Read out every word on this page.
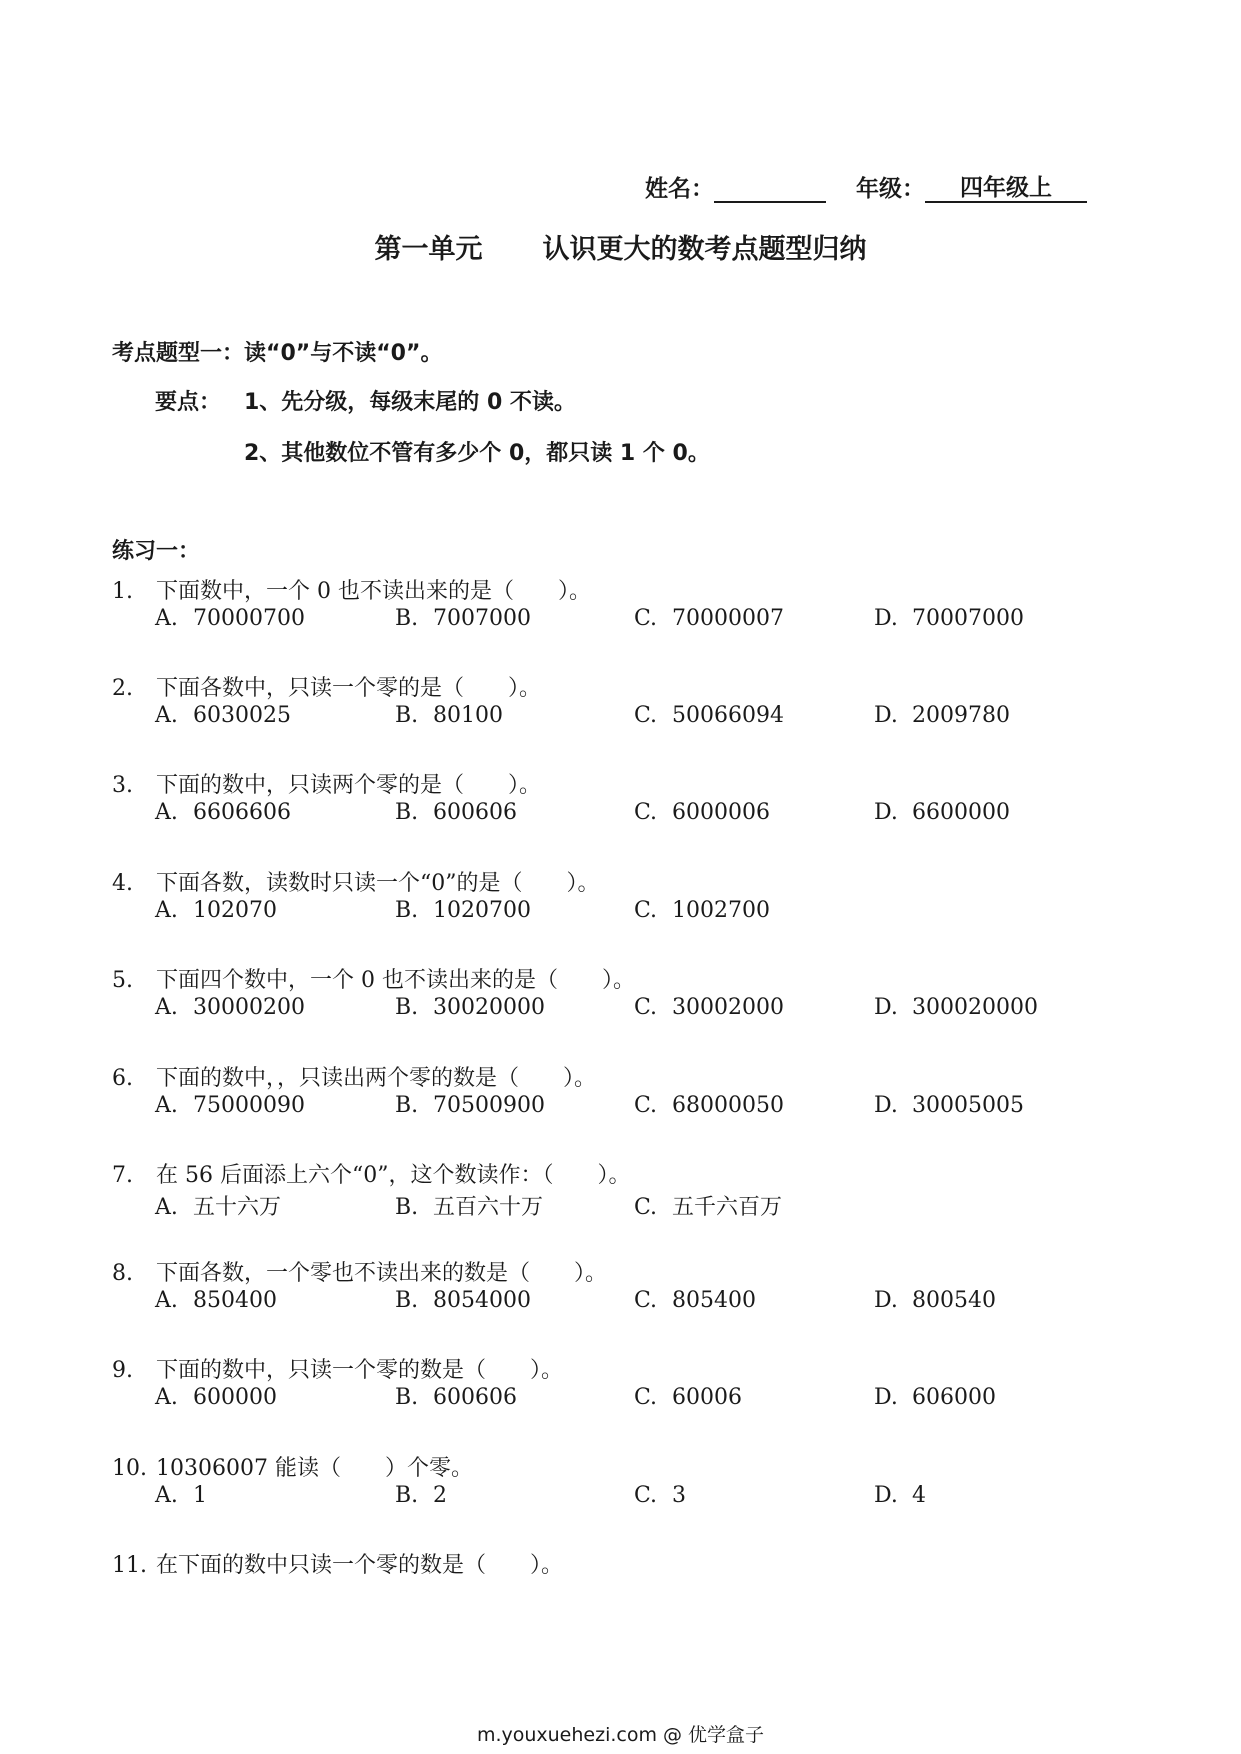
姓名：	年级： 四年级上
第一单元 认识更大的数考点题型归纳
考点题型一：读“0”与不读“0”。
要点： 1、先分级，每级末尾的 0 不读。
2、其他数位不管有多少个 0，都只读 1 个 0。
练习一：
1. 下面数中，一个 0 也不读出来的是（　　）。
A. 70000700	B. 7007000	C. 70000007	D. 70007000
2. 下面各数中，只读一个零的是（　　）。
A. 6030025	B. 80100	C. 50066094	D. 2009780
3. 下面的数中，只读两个零的是（　　）。
A. 6606606	B. 600606	C. 6000006	D. 6600000
4. 下面各数，读数时只读一个“0”的是（　　）。
A. 102070	B. 1020700	C. 1002700
5. 下面四个数中，一个 0 也不读出来的是（　　）。
A. 30000200	B. 30020000	C. 30002000	D. 300020000
6. 下面的数中，，只读出两个零的数是（　　）。
A. 75000090	B. 70500900	C. 68000050	D. 30005005
7. 在 56 后面添上六个“0”，这个数读作：（　　）。
A. 五十六万	B. 五百六十万	C. 五千六百万
8. 下面各数，一个零也不读出来的数是（　　）。
A. 850400	B. 8054000	C. 805400	D. 800540
9. 下面的数中，只读一个零的数是（　　）。
A. 600000	B. 600606	C. 60006	D. 606000
10. 10306007 能读（　　）个零。
A. 1	B. 2	C. 3	D. 4
11. 在下面的数中只读一个零的数是（　　）。
m.youxuehezi.com @ 优学盒子
